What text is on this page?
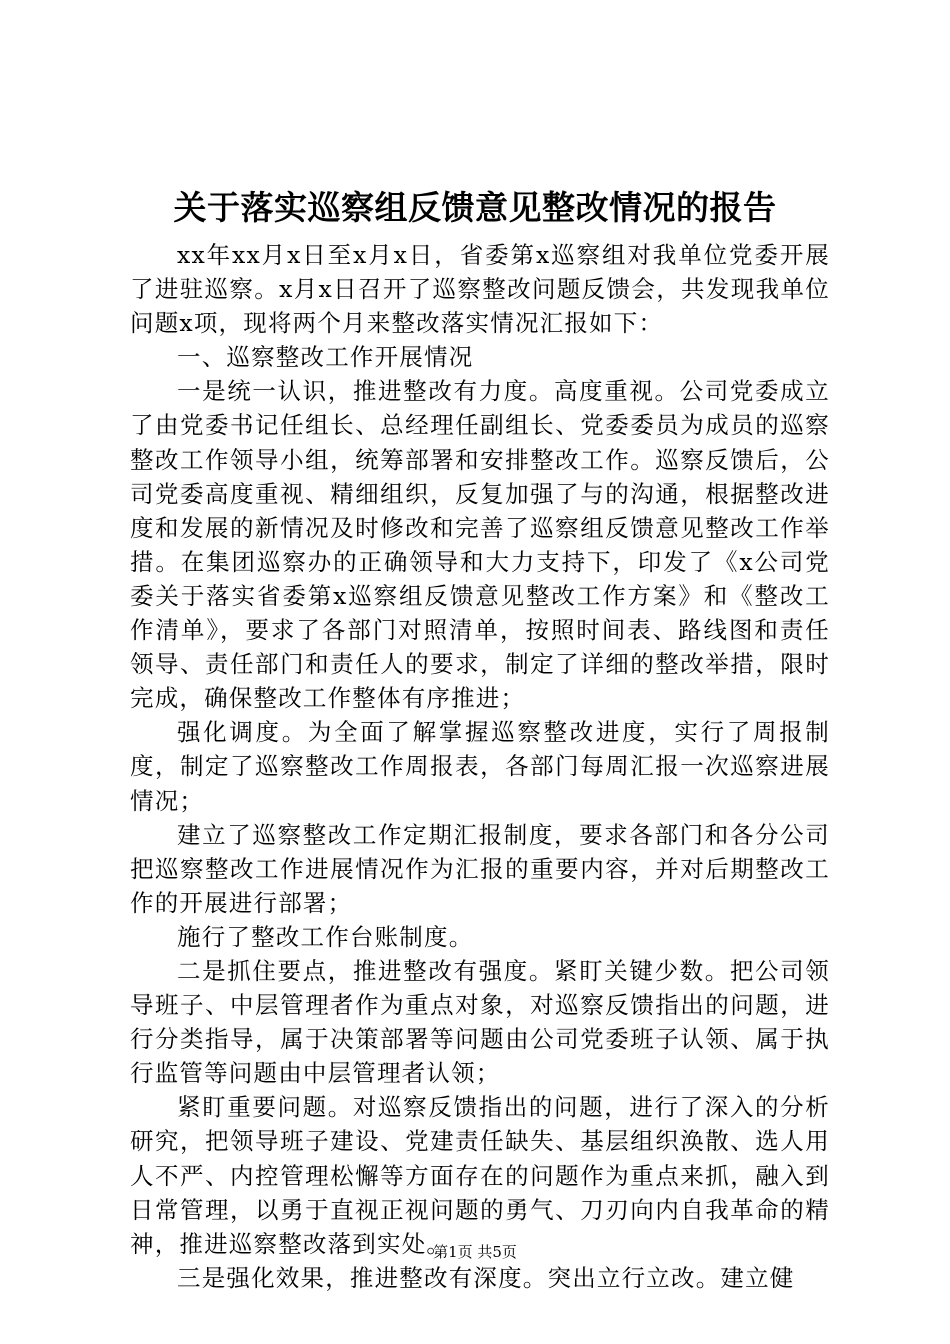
关于落实巡察组反馈意见整改情况的报告

xx年xx月x日至x月x日，省委第x巡察组对我单位党委开展了进驻巡察。x月x日召开了巡察整改问题反馈会，共发现我单位问题x项，现将两个月来整改落实情况汇报如下：

一、巡察整改工作开展情况

一是统一认识，推进整改有力度。高度重视。公司党委成立了由党委书记任组长、总经理任副组长、党委委员为成员的巡察整改工作领导小组，统筹部署和安排整改工作。巡察反馈后，公司党委高度重视、精细组织，反复加强了与的沟通，根据整改进度和发展的新情况及时修改和完善了巡察组反馈意见整改工作举措。在集团巡察办的正确领导和大力支持下，印发了《x公司党委关于落实省委第x巡察组反馈意见整改工作方案》和《整改工作清单》，要求了各部门对照清单，按照时间表、路线图和责任领导、责任部门和责任人的要求，制定了详细的整改举措，限时完成，确保整改工作整体有序推进；

强化调度。为全面了解掌握巡察整改进度，实行了周报制度，制定了巡察整改工作周报表，各部门每周汇报一次巡察进展情况；

建立了巡察整改工作定期汇报制度，要求各部门和各分公司把巡察整改工作进展情况作为汇报的重要内容，并对后期整改工作的开展进行部署；

施行了整改工作台账制度。

二是抓住要点，推进整改有强度。紧盯关键少数。把公司领导班子、中层管理者作为重点对象，对巡察反馈指出的问题，进行分类指导，属于决策部署等问题由公司党委班子认领、属于执行监管等问题由中层管理者认领；

紧盯重要问题。对巡察反馈指出的问题，进行了深入的分析研究，把领导班子建设、党建责任缺失、基层组织涣散、选人用人不严、内控管理松懈等方面存在的问题作为重点来抓，融入到日常管理，以勇于直视正视问题的勇气、刀刃向内自我革命的精神，推进巡察整改落到实处。

三是强化效果，推进整改有深度。突出立行立改。建立健

第1页 共5页
